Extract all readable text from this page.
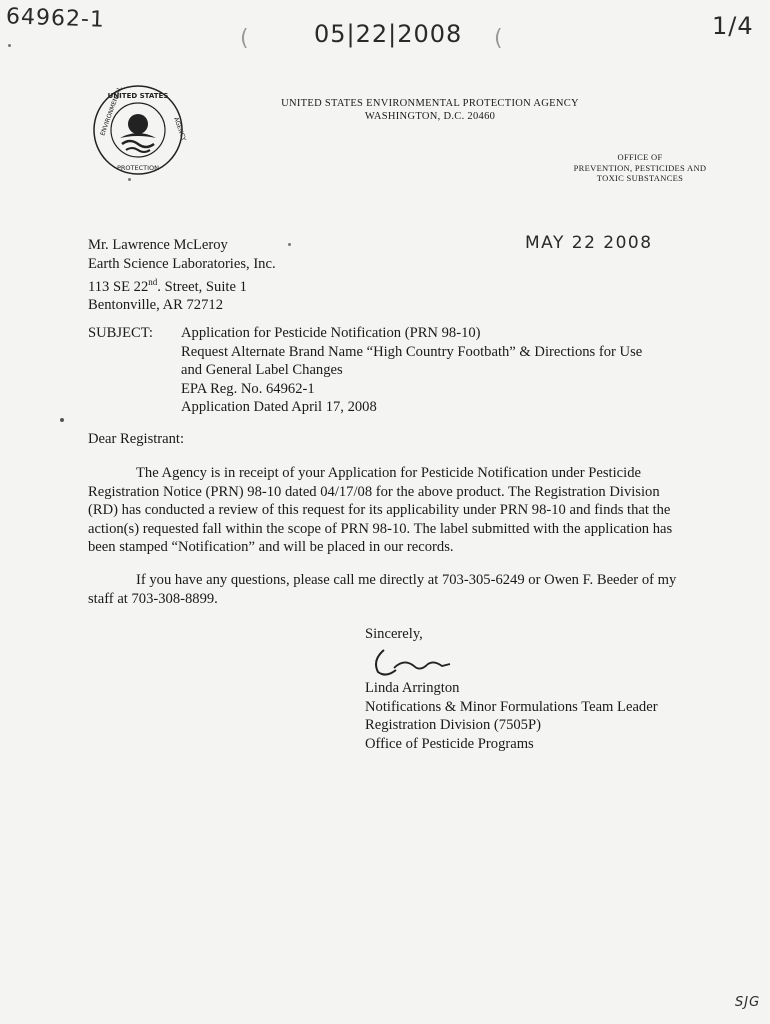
64962-1
(	05|22|2008 (	1/4
UNITED STATES
ENVIRONMENTAL
PROTECTION
AGENCY
UNITED STATES ENVIRONMENTAL PROTECTION AGENCY
WASHINGTON, D.C. 20460
OFFICE OF
PREVENTION, PESTICIDES AND
TOXIC SUBSTANCES
MAY 22 2008
Mr. Lawrence McLeroy
Earth Science Laboratories, Inc.
113 SE 22nd. Street, Suite 1
Bentonville, AR 72712
SUBJECT: Application for Pesticide Notification (PRN 98-10)
Request Alternate Brand Name “High Country Footbath” & Directions for Use
and General Label Changes
EPA Reg. No. 64962-1
Application Dated April 17, 2008
Dear Registrant:

The Agency is in receipt of your Application for Pesticide Notification under Pesticide Registration Notice (PRN) 98-10 dated 04/17/08 for the above product. The Registration Division (RD) has conducted a review of this request for its applicability under PRN 98-10 and finds that the action(s) requested fall within the scope of PRN 98-10. The label submitted with the application has been stamped “Notification” and will be placed in our records.

If you have any questions, please call me directly at 703-305-6249 or Owen F. Beeder of my staff at 703-308-8899.

Sincerely,
Linda Arrington
Notifications & Minor Formulations Team Leader
Registration Division (7505P)
Office of Pesticide Programs
SJG
